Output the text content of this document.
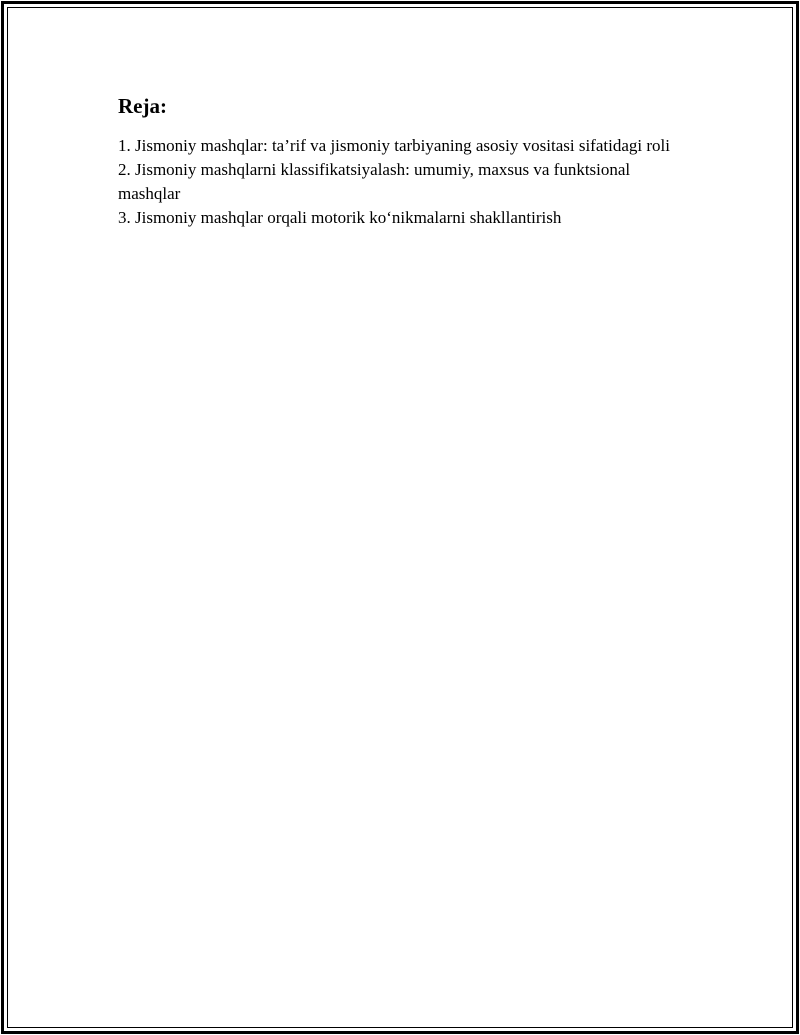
Reja:
1. Jismoniy mashqlar: ta’rif va jismoniy tarbiyaning asosiy vositasi sifatidagi roli
2. Jismoniy mashqlarni klassifikatsiyalash: umumiy, maxsus va funktsional mashqlar
3. Jismoniy mashqlar orqali motorik ko‘nikmalarni shakllantirish
